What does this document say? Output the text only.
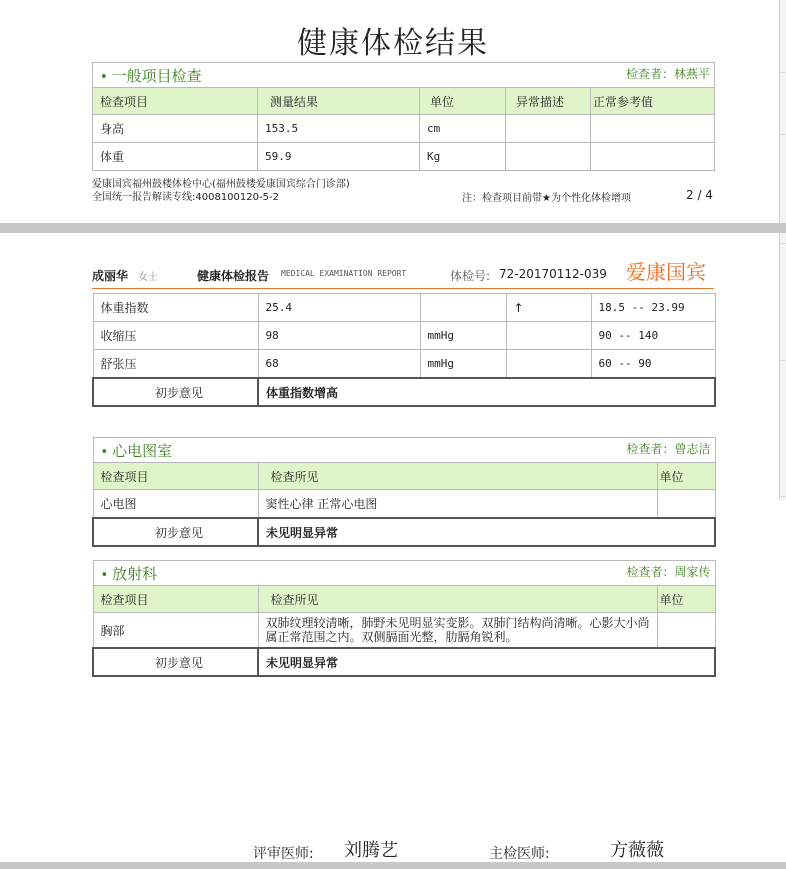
健康体检结果
• 一般项目检查 检查者：林燕平				

检查项目	测量结果	单位	异常描述	正常参考值
身高	153.5	cm		
体重	59.9	Kg		
爱康国宾福州鼓楼体检中心(福州鼓楼爱康国宾综合门诊部)
全国统一报告解读专线:4008100120-5-2	注：检查项目前带★为个性化体检增项	2 / 4
成丽华 女士	健康体检报告 MEDICAL EXAMINATION REPORT	体检号: 72-20170112-039 爱康国宾
体重指数	25.4		↑	18.5 -- 23.99
收缩压	98	mmHg		90 -- 140
舒张压	68	mmHg		60 -- 90
初步意见	体重指数增高			
• 心电图室 检查者：曾志洁		

检查项目	检查所见	单位
心电图	窦性心律 正常心电图	
初步意见	未见明显异常	
• 放射科 检查者：周家传		

检查项目	检查所见	单位
胸部	双肺纹理较清晰，肺野未见明显实变影。双肺门结构尚清晰。心影大小尚属正常范围之内。双侧膈面光整，肋膈角锐利。	
初步意见	未见明显异常	
评审医师: 刘腾艺	主检医师:	方薇薇
